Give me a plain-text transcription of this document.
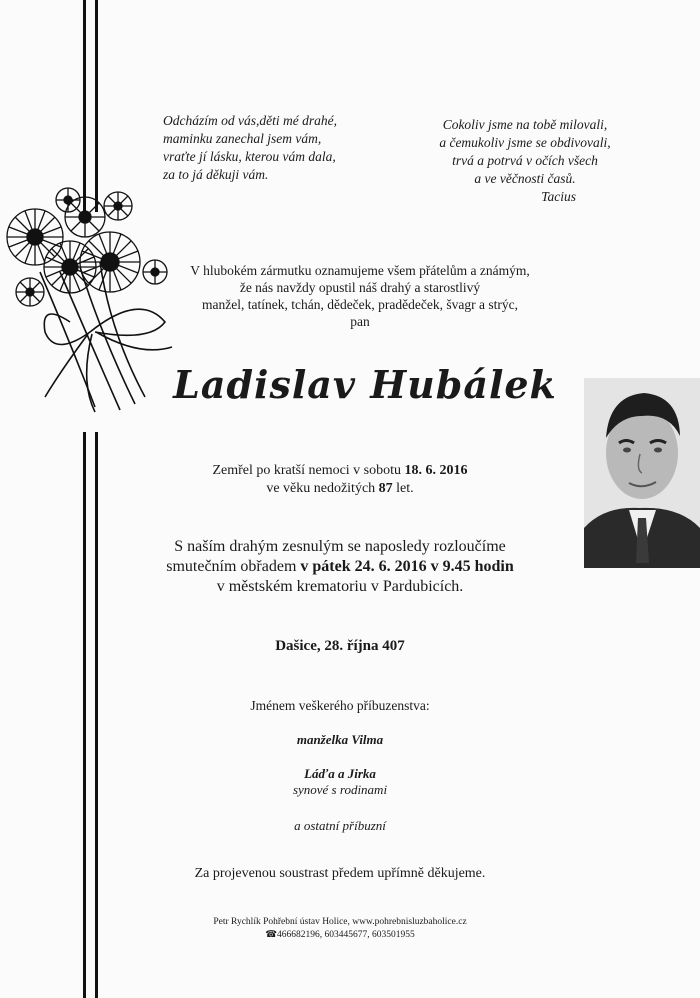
Odcházím od vás,děti mé drahé,

maminku zanechal jsem vám,

vraťte jí lásku, kterou vám dala,

za to já děkuji vám.

Cokoliv jsme na tobě milovali,

a čemukoliv jsme se obdivovali,

trvá a potrvá v očích všech

a ve věčnosti časů.

Tacius

V hlubokém zármutku oznamujeme všem přátelům a známým,

že nás navždy opustil náš drahý a starostlivý

manžel, tatínek, tchán, dědeček, pradědeček, švagr a strýc,

pan

Ladislav Hubálek

Zemřel po kratší nemoci v sobotu 18. 6. 2016

ve věku nedožitých 87 let.

S naším drahým zesnulým se naposledy rozloučíme

smutečním obřadem v pátek 24. 6. 2016 v 9.45 hodin

v městském krematoriu v Pardubicích.

Dašice, 28. října 407
Jménem veškerého příbuzenstva:
manželka Vilma
Láďa a Jirka
synové s rodinami
a ostatní příbuzní
Za projevenou soustrast předem upřímně děkujeme.

Petr Rychlík Pohřební ústav Holice, www.pohrebnisluzbaholice.cz

☎466682196, 603445677, 603501955
